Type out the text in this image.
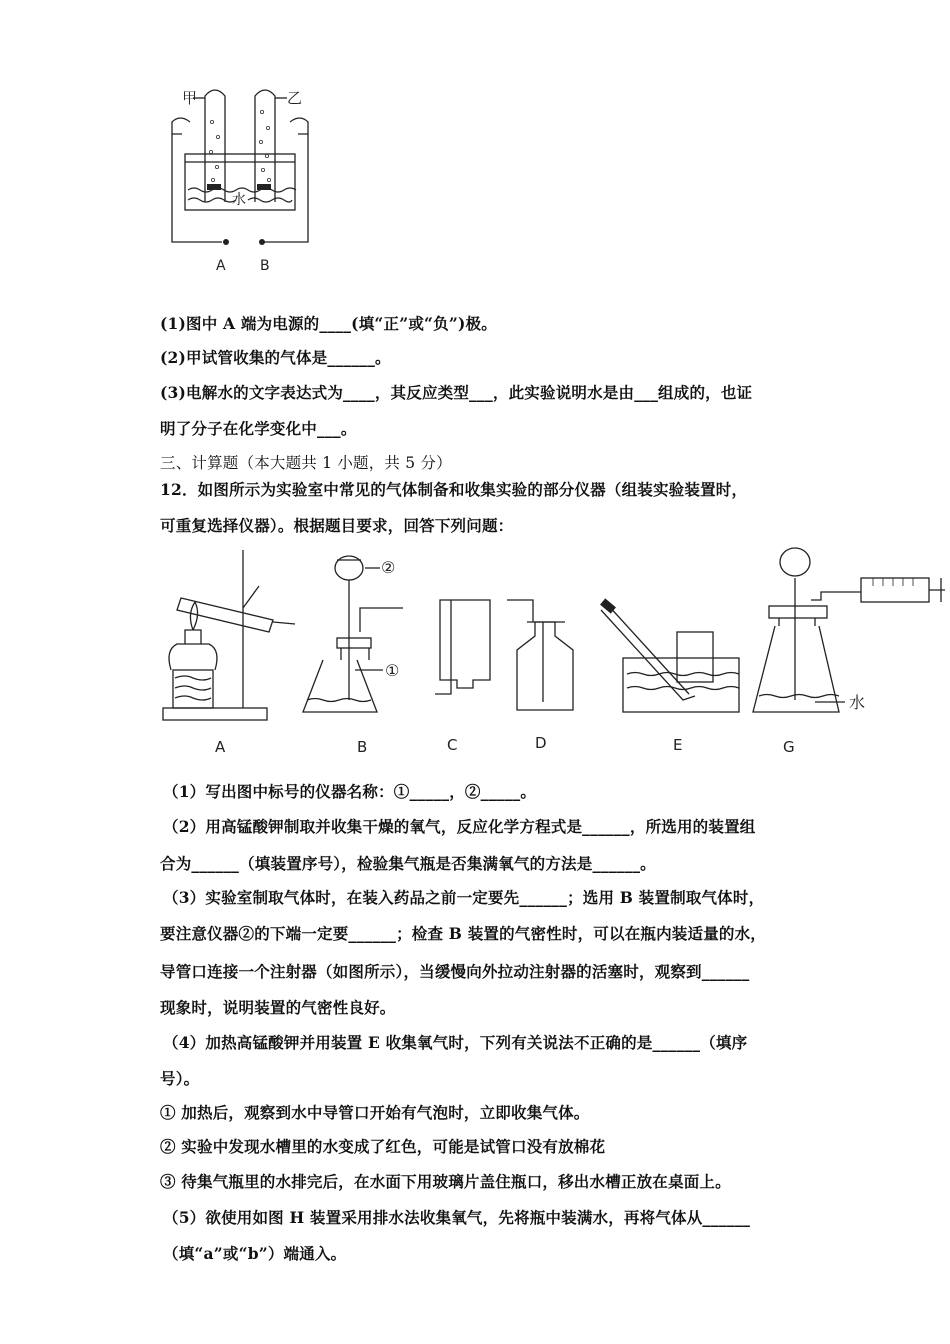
甲	乙
水
A B
(1)图中 A 端为电源的____(填“正”或“负”)极。
(2)甲试管收集的气体是______。
(3)电解水的文字表达式为____，其反应类型___，此实验说明水是由___组成的，也证
明了分子在化学变化中___。
三、计算题（本大题共 1 小题，共 5 分）
12．如图所示为实验室中常见的气体制备和收集实验的部分仪器（组装实验装置时，
可重复选择仪器）。根据题目要求，回答下列问题：
②
①
水
A	B	C	D	E	G
（1）写出图中标号的仪器名称：①_____，②_____。
（2）用高锰酸钾制取并收集干燥的氧气，反应化学方程式是______，所选用的装置组
合为______（填装置序号），检验集气瓶是否集满氧气的方法是______。
（3）实验室制取气体时，在装入药品之前一定要先______；选用 B 装置制取气体时，
要注意仪器②的下端一定要______；检查 B 装置的气密性时，可以在瓶内装适量的水，
导管口连接一个注射器（如图所示），当缓慢向外拉动注射器的活塞时，观察到______
现象时，说明装置的气密性良好。
（4）加热高锰酸钾并用装置 E 收集氧气时，下列有关说法不正确的是______（填序
号）。
① 加热后，观察到水中导管口开始有气泡时，立即收集气体。
② 实验中发现水槽里的水变成了红色，可能是试管口没有放棉花
③ 待集气瓶里的水排完后，在水面下用玻璃片盖住瓶口，移出水槽正放在桌面上。
（5）欲使用如图 H 装置采用排水法收集氧气，先将瓶中装满水，再将气体从______
（填“a”或“b”）端通入。
